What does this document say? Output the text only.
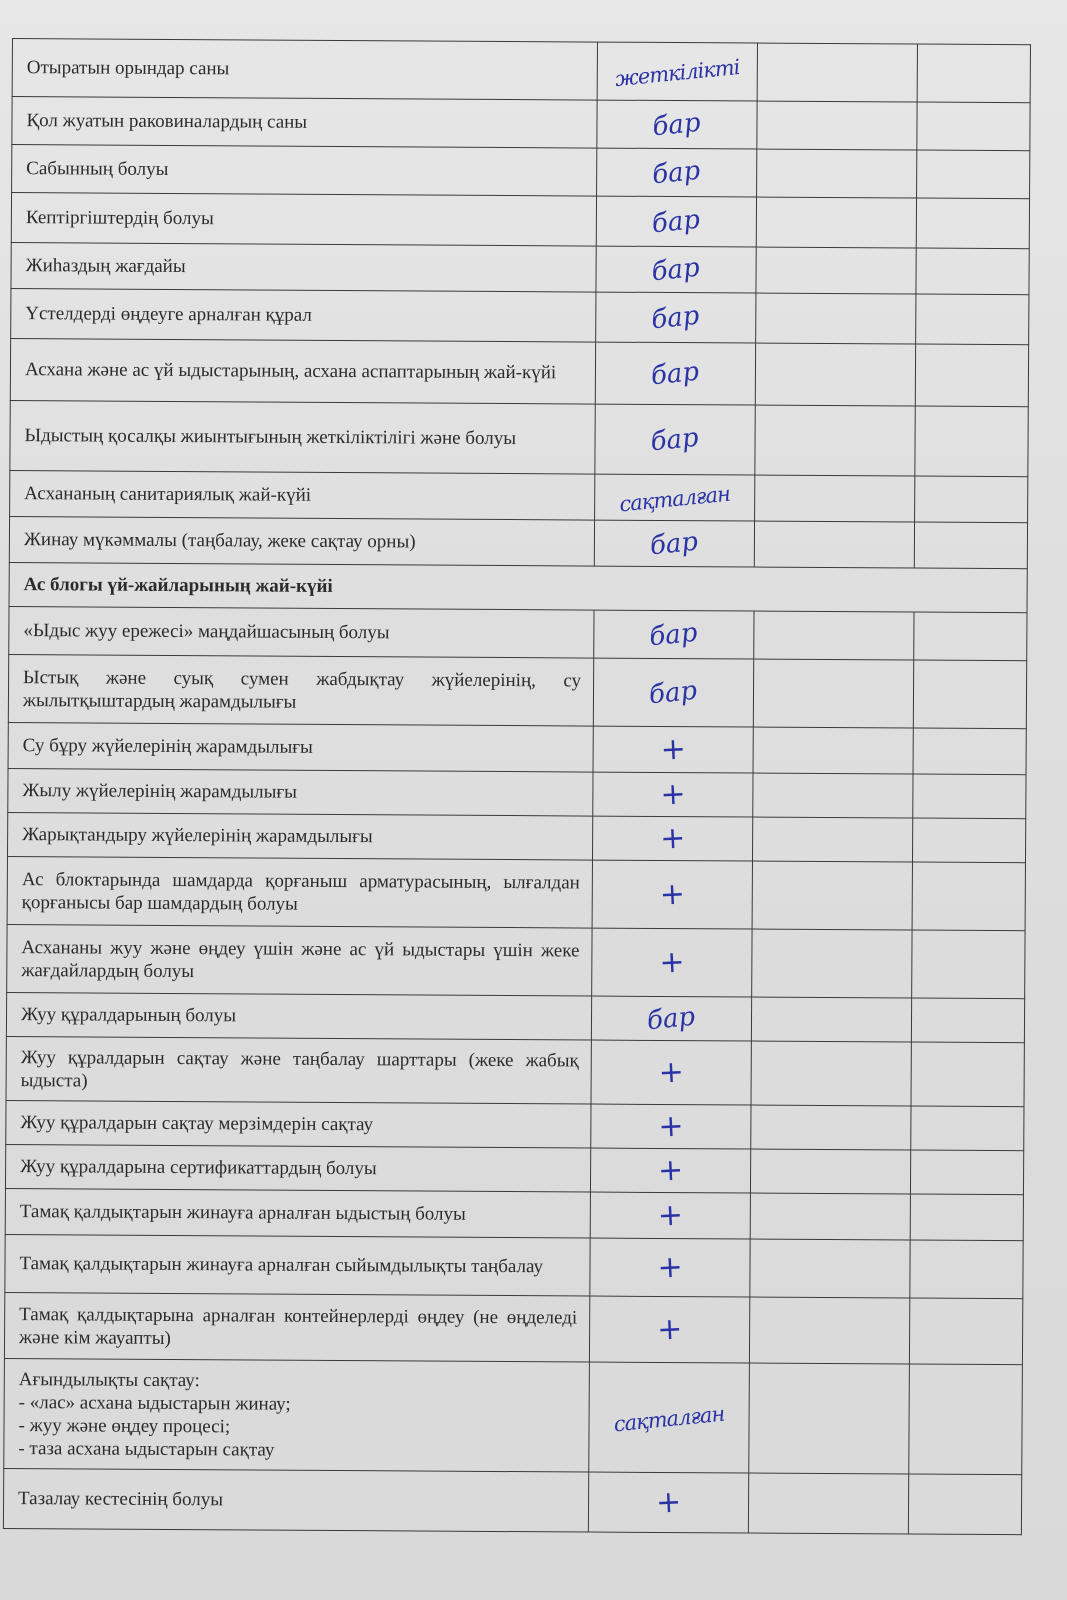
Отыратын орындар саны	жеткілікті		
Қол жуатын раковиналардың саны	бар		
Сабынның болуы	бар		
Кептіргіштердің болуы	бар		
Жиһаздың жағдайы	бар		
Үстелдерді өңдеуге арналған құрал	бар		
Асхана және ас үй ыдыстарының, асхана аспаптарының жай-күйі	бар		
Ыдыстың қосалқы жиынтығының жеткіліктілігі және болуы	бар		
Асхананың санитариялық жай-күйі	сақталған		
Жинау мүкәммалы (таңбалау, жеке сақтау орны)	бар		
Ас блогы үй-жайларының жай-күйі			
«Ыдыс жуу ережесі» маңдайшасының болуы	бар		
Ыстық және суық сумен жабдықтау жүйелерінің, су жылытқыштардың жарамдылығы	бар		
Су бұру жүйелерінің жарамдылығы	+		
Жылу жүйелерінің жарамдылығы	+		
Жарықтандыру жүйелерінің жарамдылығы	+		
Ас блоктарында шамдарда қорғаныш арматурасының, ылғалдан қорғанысы бар шамдардың болуы	+		
Асхананы жуу және өңдеу үшін және ас үй ыдыстары үшін жеке жағдайлардың болуы	+		
Жуу құралдарының болуы	бар		
Жуу құралдарын сақтау және таңбалау шарттары (жеке жабық ыдыста)	+		
Жуу құралдарын сақтау мерзімдерін сақтау	+		
Жуу құралдарына сертификаттардың болуы	+		
Тамақ қалдықтарын жинауға арналған ыдыстың болуы	+		
Тамақ қалдықтарын жинауға арналған сыйымдылықты таңбалау	+		
Тамақ қалдықтарына арналған контейнерлерді өңдеу (не өңделеді және кім жауапты)	+		
Ағындылықты сақтау:
- «лас» асхана ыдыстарын жинау;
- жуу және өңдеу процесі;
- таза асхана ыдыстарын сақтау	сақталған		
Тазалау кестесінің болуы	+		
